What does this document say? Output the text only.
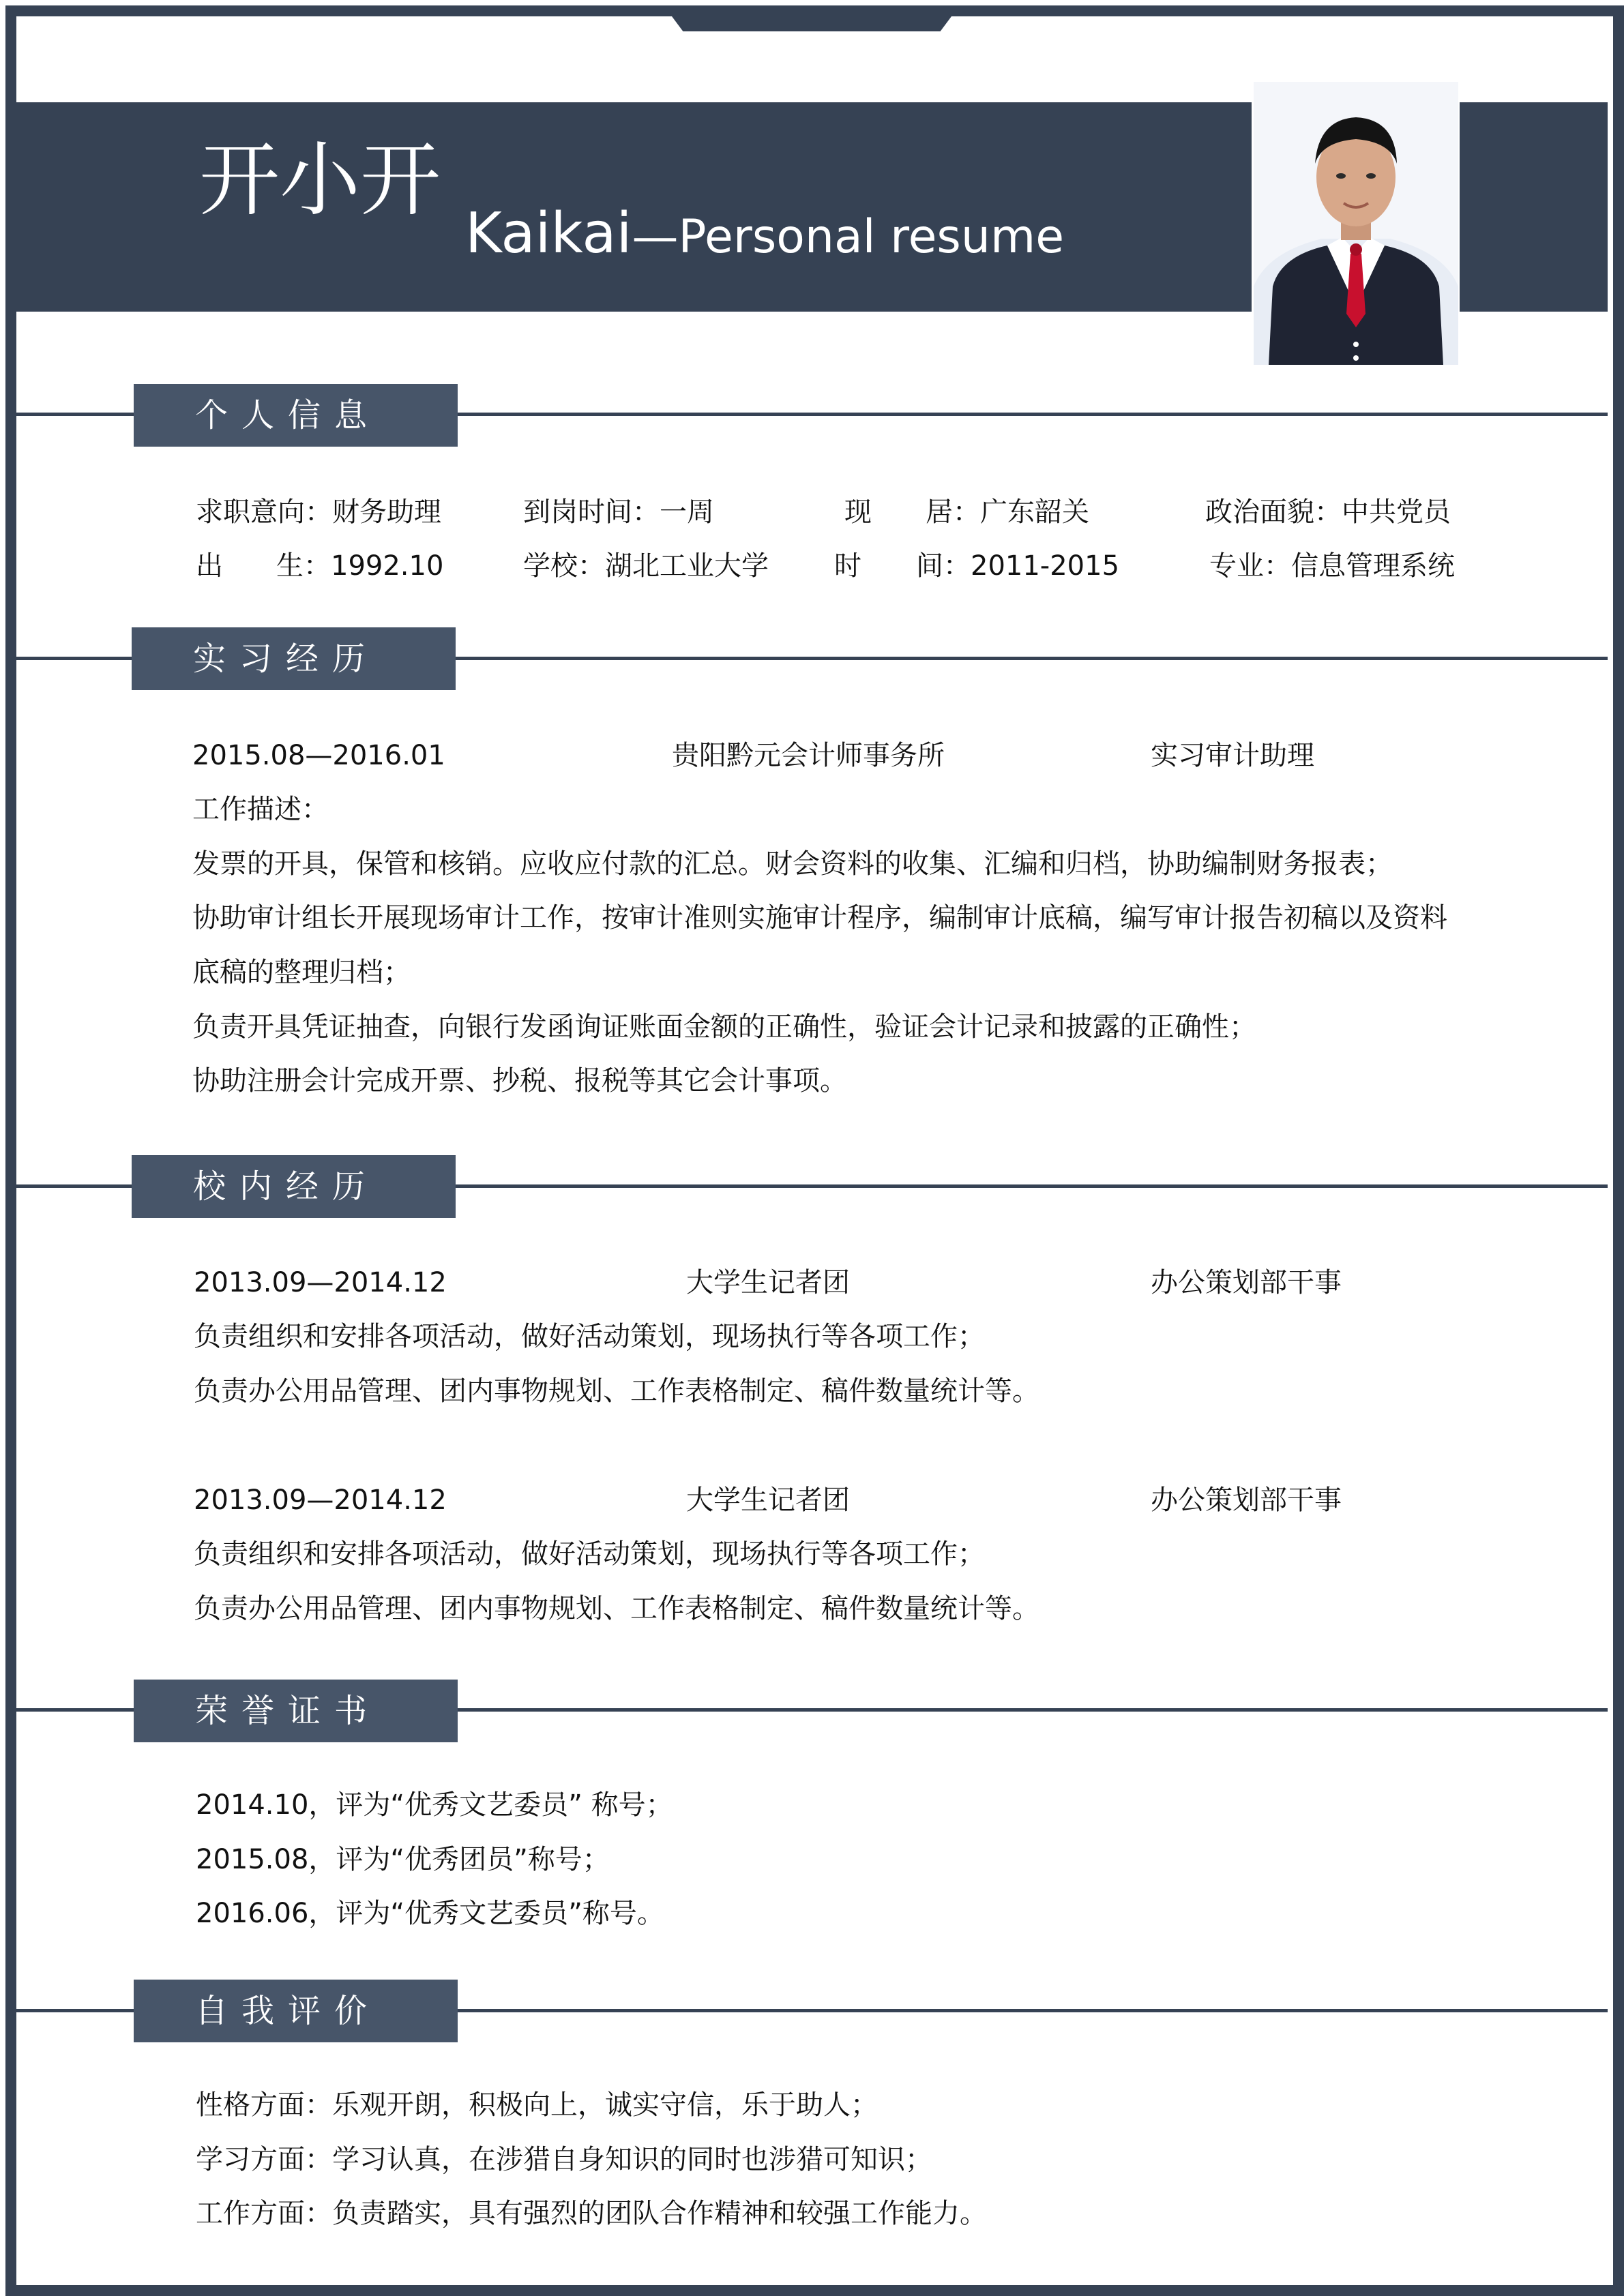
开小开
Kaikai—Personal resume
个人信息
求职意向：财务助理	到岗时间：一周	现 居：广东韶关	政治面貌：中共党员
出 生：1992.10	学校：湖北工业大学 时 间：2011-2015	专业：信息管理系统
实习经历
2015.08—2016.01	贵阳黔元会计师事务所	实习审计助理
工作描述：
发票的开具，保管和核销。应收应付款的汇总。财会资料的收集、汇编和归档，协助编制财务报表；
协助审计组长开展现场审计工作，按审计准则实施审计程序，编制审计底稿，编写审计报告初稿以及资料
底稿的整理归档；
负责开具凭证抽查，向银行发函询证账面金额的正确性，验证会计记录和披露的正确性；
协助注册会计完成开票、抄税、报税等其它会计事项。
校内经历
2013.09—2014.12	大学生记者团	办公策划部干事
负责组织和安排各项活动，做好活动策划，现场执行等各项工作；
负责办公用品管理、团内事物规划、工作表格制定、稿件数量统计等。
2013.09—2014.12	大学生记者团	办公策划部干事
负责组织和安排各项活动，做好活动策划，现场执行等各项工作；
负责办公用品管理、团内事物规划、工作表格制定、稿件数量统计等。
荣誉证书
2014.10，评为“优秀文艺委员” 称号；
2015.08，评为“优秀团员”称号；
2016.06，评为“优秀文艺委员”称号。
自我评价
性格方面：乐观开朗，积极向上，诚实守信，乐于助人；
学习方面：学习认真，在涉猎自身知识的同时也涉猎可知识；
工作方面：负责踏实，具有强烈的团队合作精神和较强工作能力。
